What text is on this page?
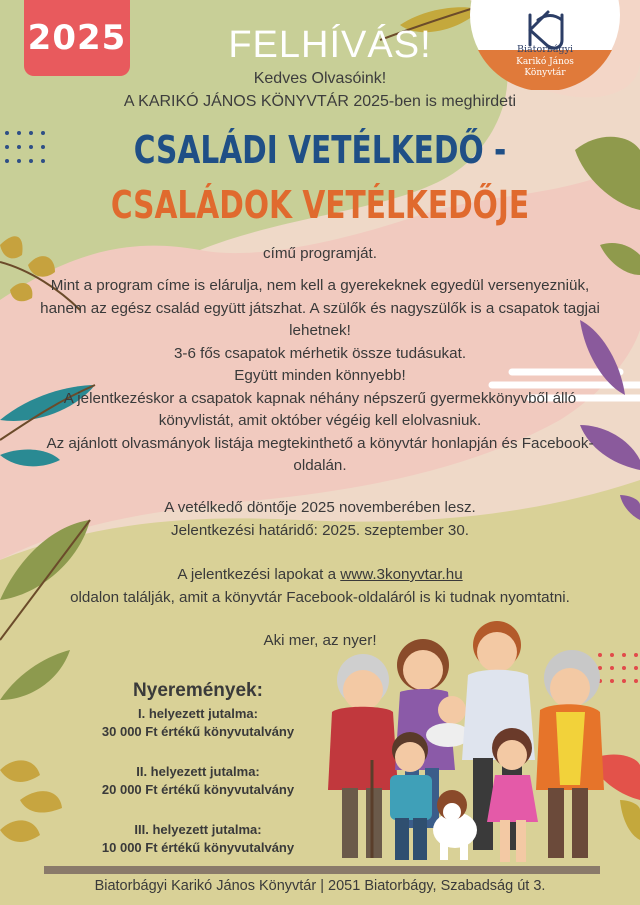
Biatorbágyi
Karikó János
Könyvtár
2025	FELHÍVÁS!
Kedves Olvasóink!
A KARIKÓ JÁNOS KÖNYVTÁR 2025-ben is meghirdeti
CSALÁDI VETÉLKEDŐ -
CSALÁDOK VETÉLKEDŐJE
című programját.
Mint a program címe is elárulja, nem kell a gyerekeknek egyedül versenyezniük,
hanem az egész család együtt játszhat. A szülők és nagyszülők is a csapatok tagjai
lehetnek!
3-6 fős csapatok mérhetik össze tudásukat.
Együtt minden könnyebb!
A jelentkezéskor a csapatok kapnak néhány népszerű gyermekkönyvből álló
könyvlistát, amit október végéig kell elolvasniuk.
Az ajánlott olvasmányok listája megtekinthető a könyvtár honlapján és Facebook-
oldalán.
A vetélkedő döntője 2025 novemberében lesz.
Jelentkezési határidő: 2025. szeptember 30.
A jelentkezési lapokat a www.3konyvtar.hu
oldalon találják, amit a könyvtár Facebook-oldaláról is ki tudnak nyomtatni.
Aki mer, az nyer!
Nyeremények:
I. helyezett jutalma:
30 000 Ft értékű könyvutalvány
II. helyezett jutalma:
20 000 Ft értékű könyvutalvány
III. helyezett jutalma:
10 000 Ft értékű könyvutalvány
Biatorbágyi Karikó János Könyvtár | 2051 Biatorbágy, Szabadság út 3.
